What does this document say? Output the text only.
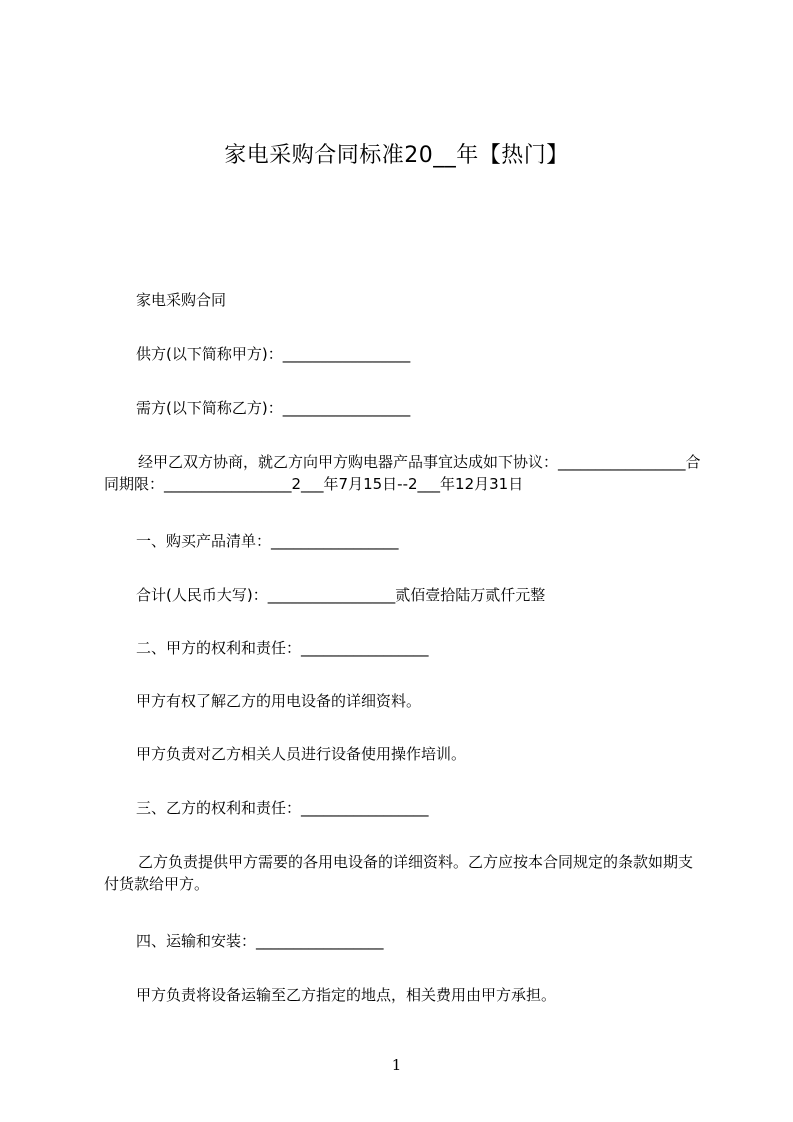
家电采购合同标准20__年【热门】
家电采购合同
供方(以下简称甲方)：_________________
需方(以下简称乙方)：_________________
经甲乙双方协商，就乙方向甲方购电器产品事宜达成如下协议：_________________合同期限：_________________2___年7月15日--2___年12月31日
一、购买产品清单：_________________
合计(人民币大写)：_________________贰佰壹拾陆万贰仟元整
二、甲方的权利和责任：_________________
甲方有权了解乙方的用电设备的详细资料。
甲方负责对乙方相关人员进行设备使用操作培训。
三、乙方的权利和责任：_________________
乙方负责提供甲方需要的各用电设备的详细资料。乙方应按本合同规定的条款如期支付货款给甲方。
四、运输和安装：_________________
甲方负责将设备运输至乙方指定的地点，相关费用由甲方承担。
1
